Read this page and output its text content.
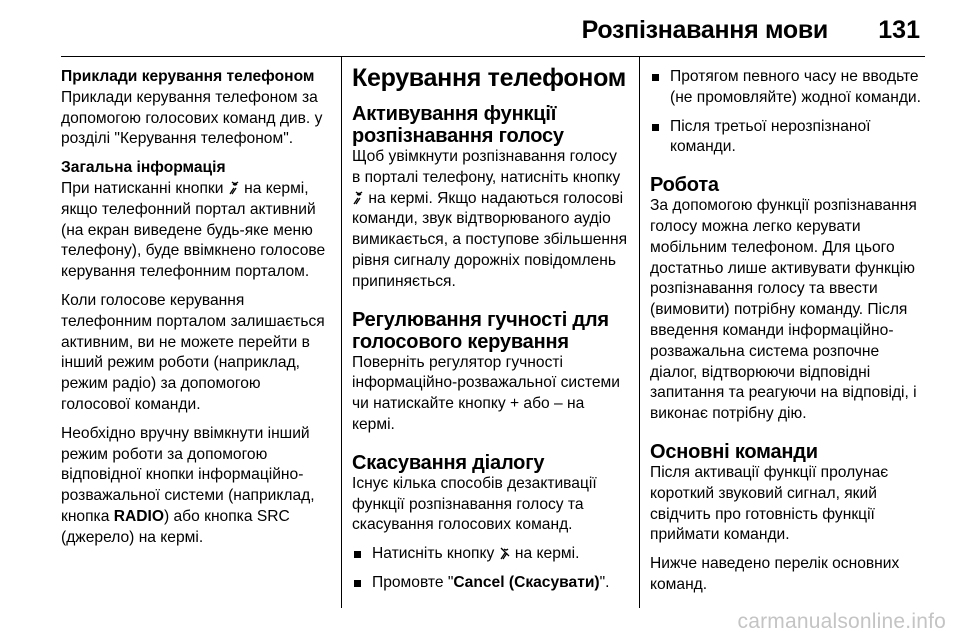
Розпізнавання мови 131
Приклади керування телефоном

Приклади керування телефоном за допомогою голосових команд див. у розділі "Керування телефоном".

Загальна інформація

При натисканні кнопки  на кермі, якщо телефонний портал активний (на екран виведене будь-яке меню телефону), буде ввімкнено голосове керування телефонним порталом.

Коли голосове керування телефонним порталом залишається активним, ви не можете перейти в інший режим роботи (наприклад, режим радіо) за допомогою голосової команди.

Необхідно вручну ввімкнути інший режим роботи за допомогою відповідної кнопки інформаційно-розважальної системи (наприклад, кнопка RADIO) або кнопка SRC (джерело) на кермі.

Керування телефоном
Активування функції розпізнавання голосу

Щоб увімкнути розпізнавання голосу в порталі телефону, натисніть кнопку  на кермі. Якщо надаються голосові команди, звук відтворюваного аудіо вимикається, а поступове збільшення рівня сигналу дорожніх повідомлень припиняється.

Регулювання гучності для голосового керування

Поверніть регулятор гучності інформаційно-розважальної системи чи натискайте кнопку + або – на кермі.

Скасування діалогу

Існує кілька способів дезактивації функції розпізнавання голосу та скасування голосових команд.

Натисніть кнопку  на кермі.
Промовте "Cancel (Скасувати)".
Протягом певного часу не вводьте (не промовляйте) жодної команди.
Після третьої нерозпізнаної команди.
Робота

За допомогою функції розпізнавання голосу можна легко керувати мобільним телефоном. Для цього достатньо лише активувати функцію розпізнавання голосу та ввести (вимовити) потрібну команду. Після введення команди інформаційно-розважальна система розпочне діалог, відтворюючи відповідні запитання та реагуючи на відповіді, і виконає потрібну дію.

Основні команди

Після активації функції пролунає короткий звуковий сигнал, який свідчить про готовність функції приймати команди.

Нижче наведено перелік основних команд.

carmanualsonline.info
